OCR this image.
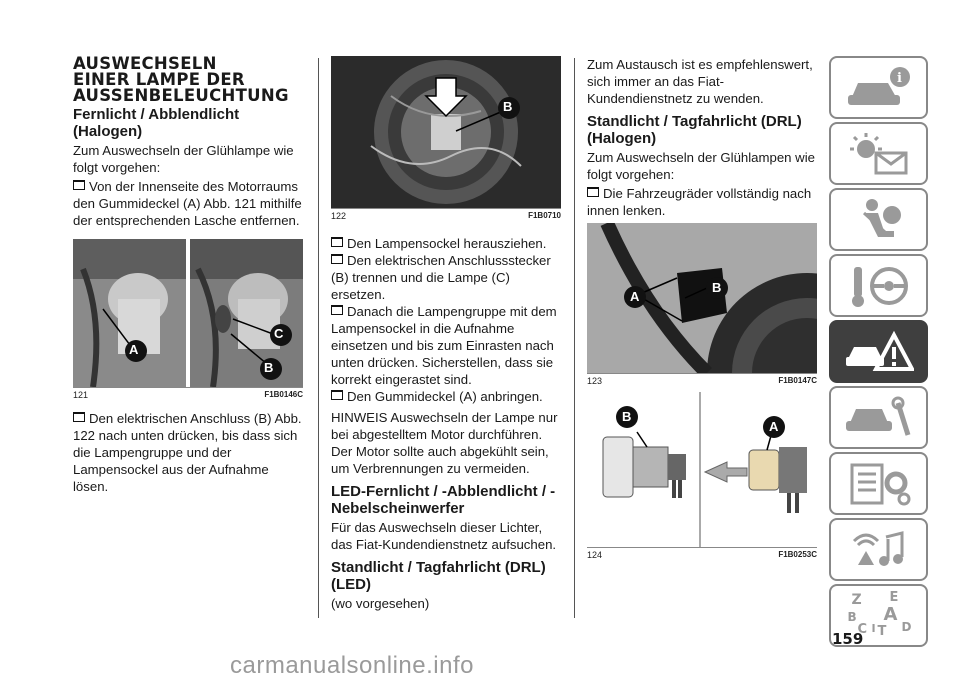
AUSWECHSELN
EINER LAMPE DER
AUSSENBELEUCHTUNG

Fernlicht / Abblendlicht (Halogen)

Zum Auswechseln der Glühlampe wie folgt vorgehen:

Von der Innenseite des Motorraums den Gummideckel (A) Abb. 121 mithilfe der entsprechenden Lasche entfernen.

A
C
B
121	F1B0146C

Den elektrischen Anschluss (B) Abb. 122 nach unten drücken, bis dass sich die Lampengruppe und der Lampensockel aus der Aufnahme lösen.

B
122	F1B0710

Den Lampensockel herausziehen.

Den elektrischen Anschlussstecker (B) trennen und die Lampe (C) ersetzen.

Danach die Lampengruppe mit dem Lampensockel in die Aufnahme einsetzen und bis zum Einrasten nach unten drücken. Sicherstellen, dass sie korrekt eingerastet sind.

Den Gummideckel (A) anbringen.

HINWEIS Auswechseln der Lampe nur bei abgestelltem Motor durchführen. Der Motor sollte auch abgekühlt sein, um Verbrennungen zu vermeiden.

LED-Fernlicht / -Abblendlicht / -Nebelscheinwerfer

Für das Auswechseln dieser Lichter, das Fiat-Kundendienstnetz aufsuchen.

Standlicht / Tagfahrlicht (DRL) (LED)

(wo vorgesehen)

Zum Austausch ist es empfehlenswert, sich immer an das Fiat-Kundendienstnetz zu wenden.

Standlicht / Tagfahrlicht (DRL) (Halogen)

Zum Auswechseln der Glühlampen wie folgt vorgehen:

Die Fahrzeugräder vollständig nach innen lenken.

A
B
123	F1B0147C
B
A
124	F1B0253C
i
Z E
B A
C	D
T
I
159
carmanualsonline.info
